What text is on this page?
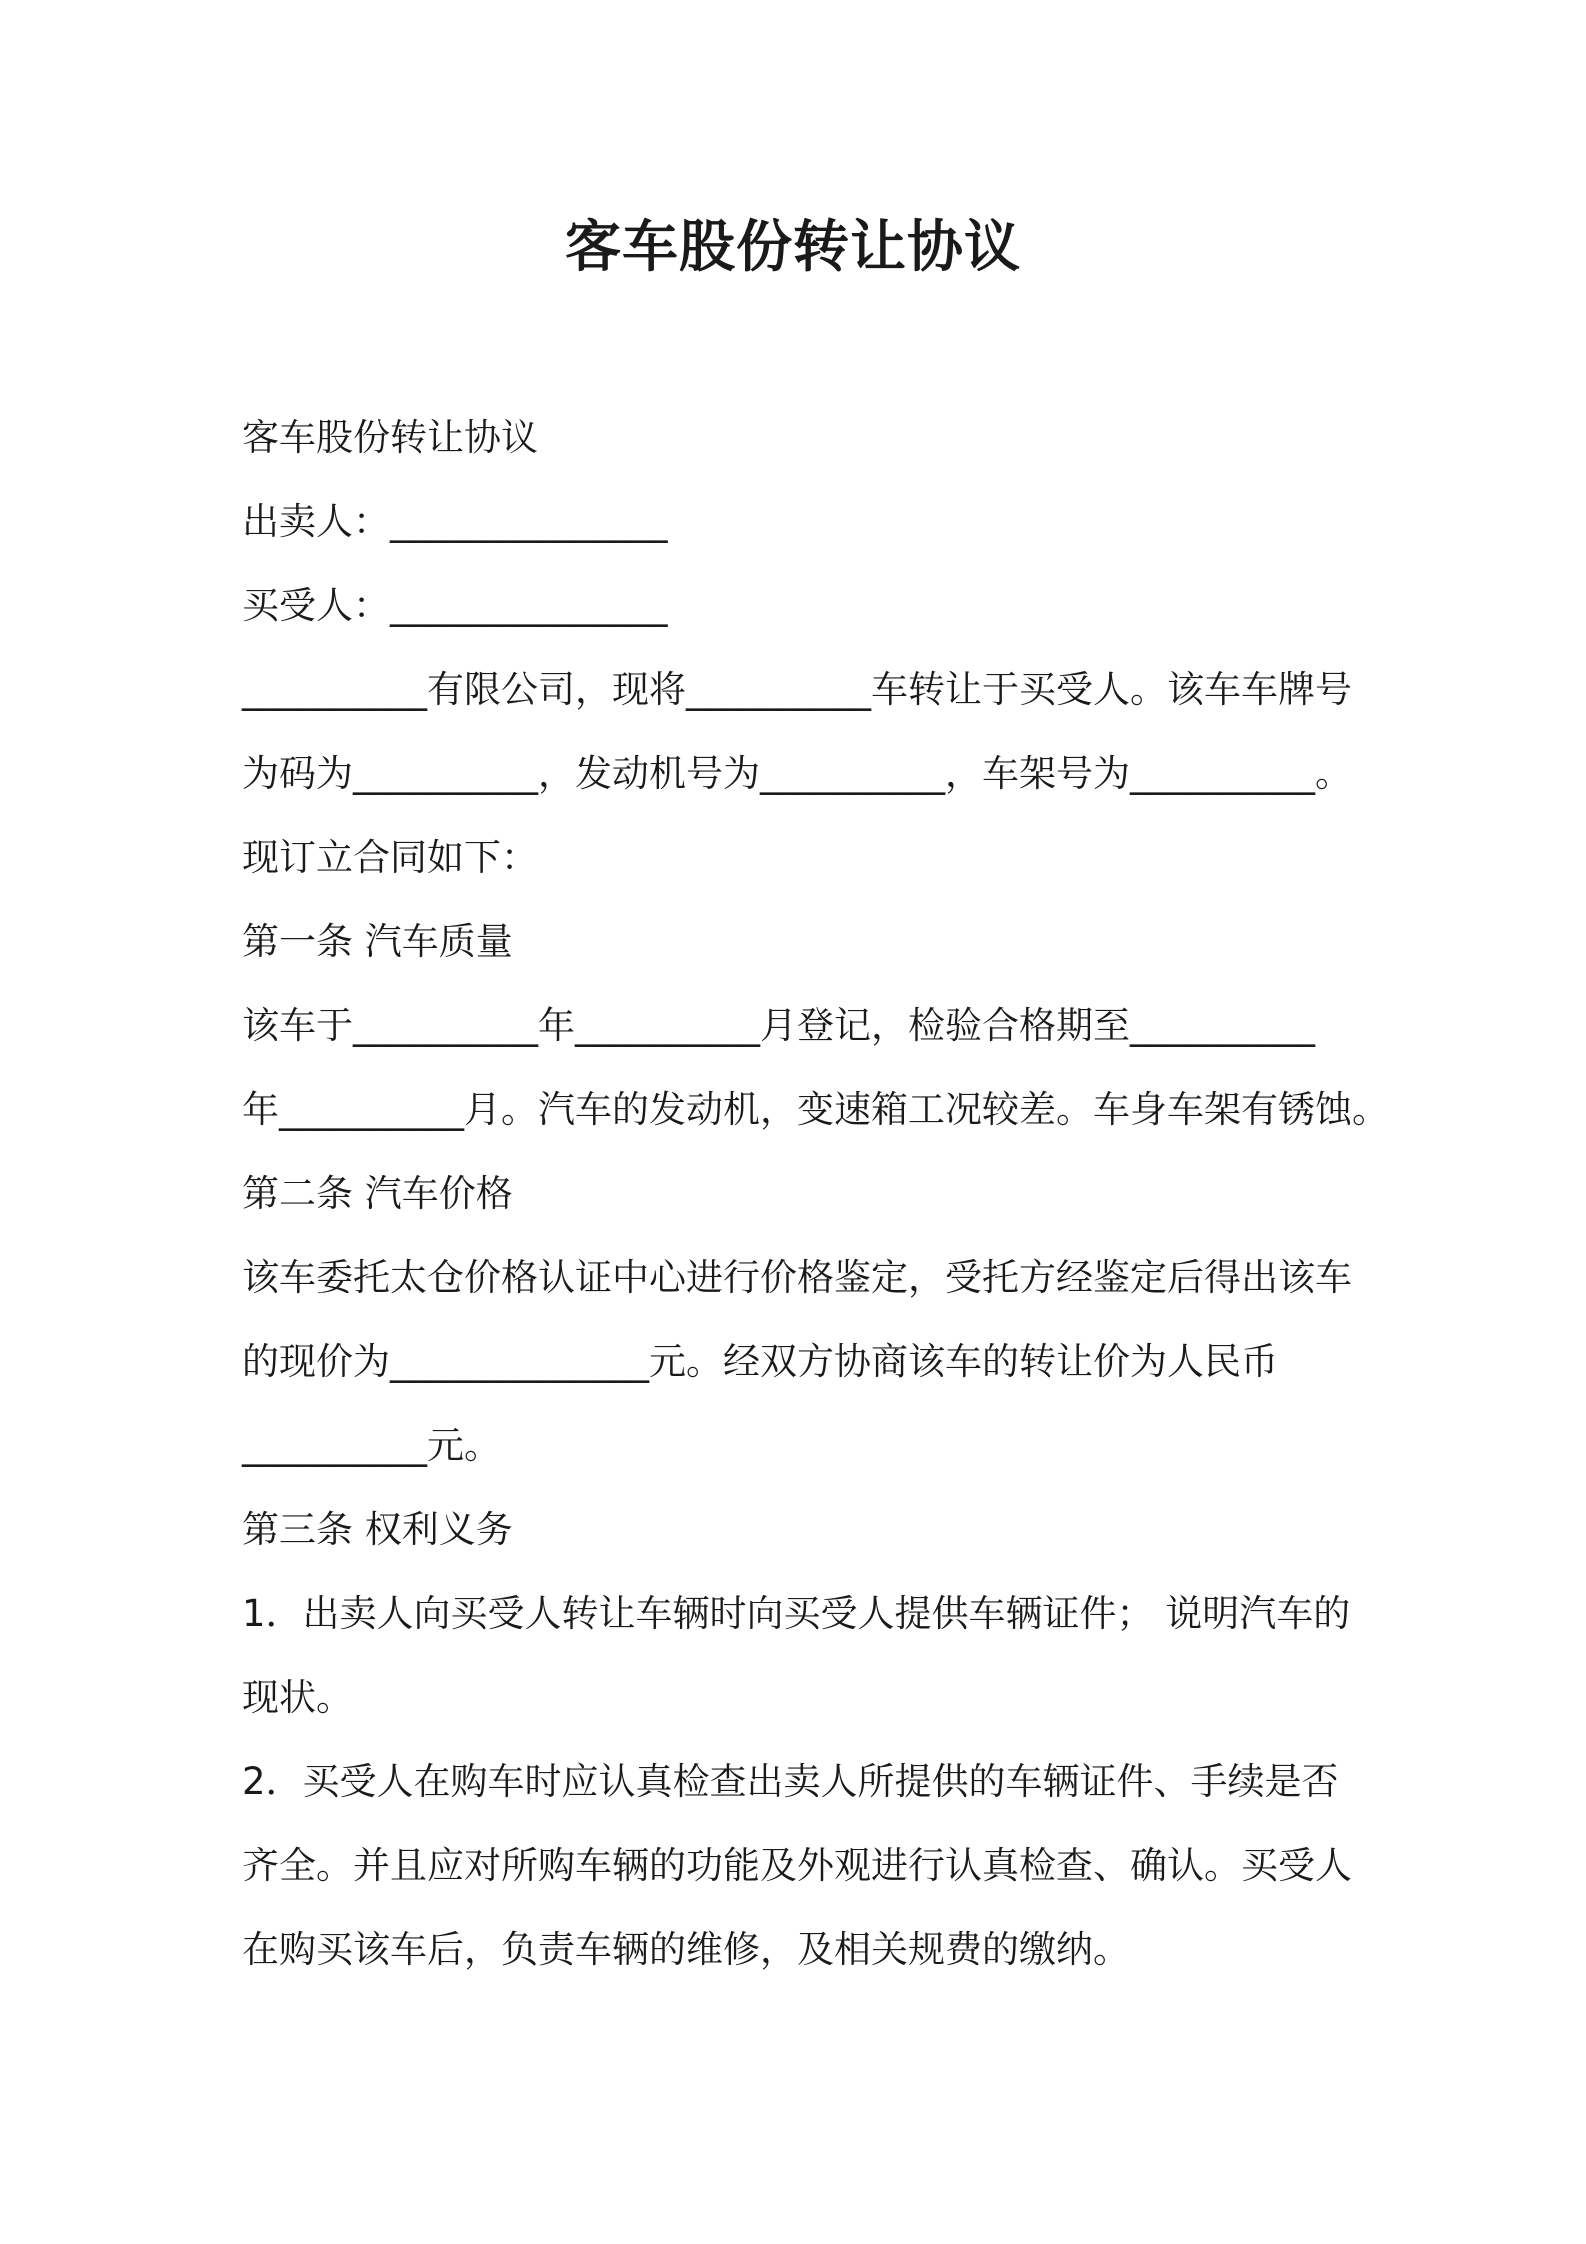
客车股份转让协议

客车股份转让协议

出卖人：_______________

买受人：_______________

__________有限公司，现将__________车转让于买受人。该车车牌号

为码为__________，发动机号为__________，车架号为__________。

现订立合同如下：

第一条 汽车质量

该车于__________年__________月登记，检验合格期至__________

年__________月。汽车的发动机，变速箱工况较差。车身车架有锈蚀。

第二条 汽车价格

该车委托太仓价格认证中心进行价格鉴定，受托方经鉴定后得出该车

的现价为______________元。经双方协商该车的转让价为人民币

__________元。

第三条 权利义务

1．出卖人向买受人转让车辆时向买受人提供车辆证件； 说明汽车的

现状。

2．买受人在购车时应认真检查出卖人所提供的车辆证件、手续是否

齐全。并且应对所购车辆的功能及外观进行认真检查、确认。买受人

在购买该车后，负责车辆的维修，及相关规费的缴纳。
